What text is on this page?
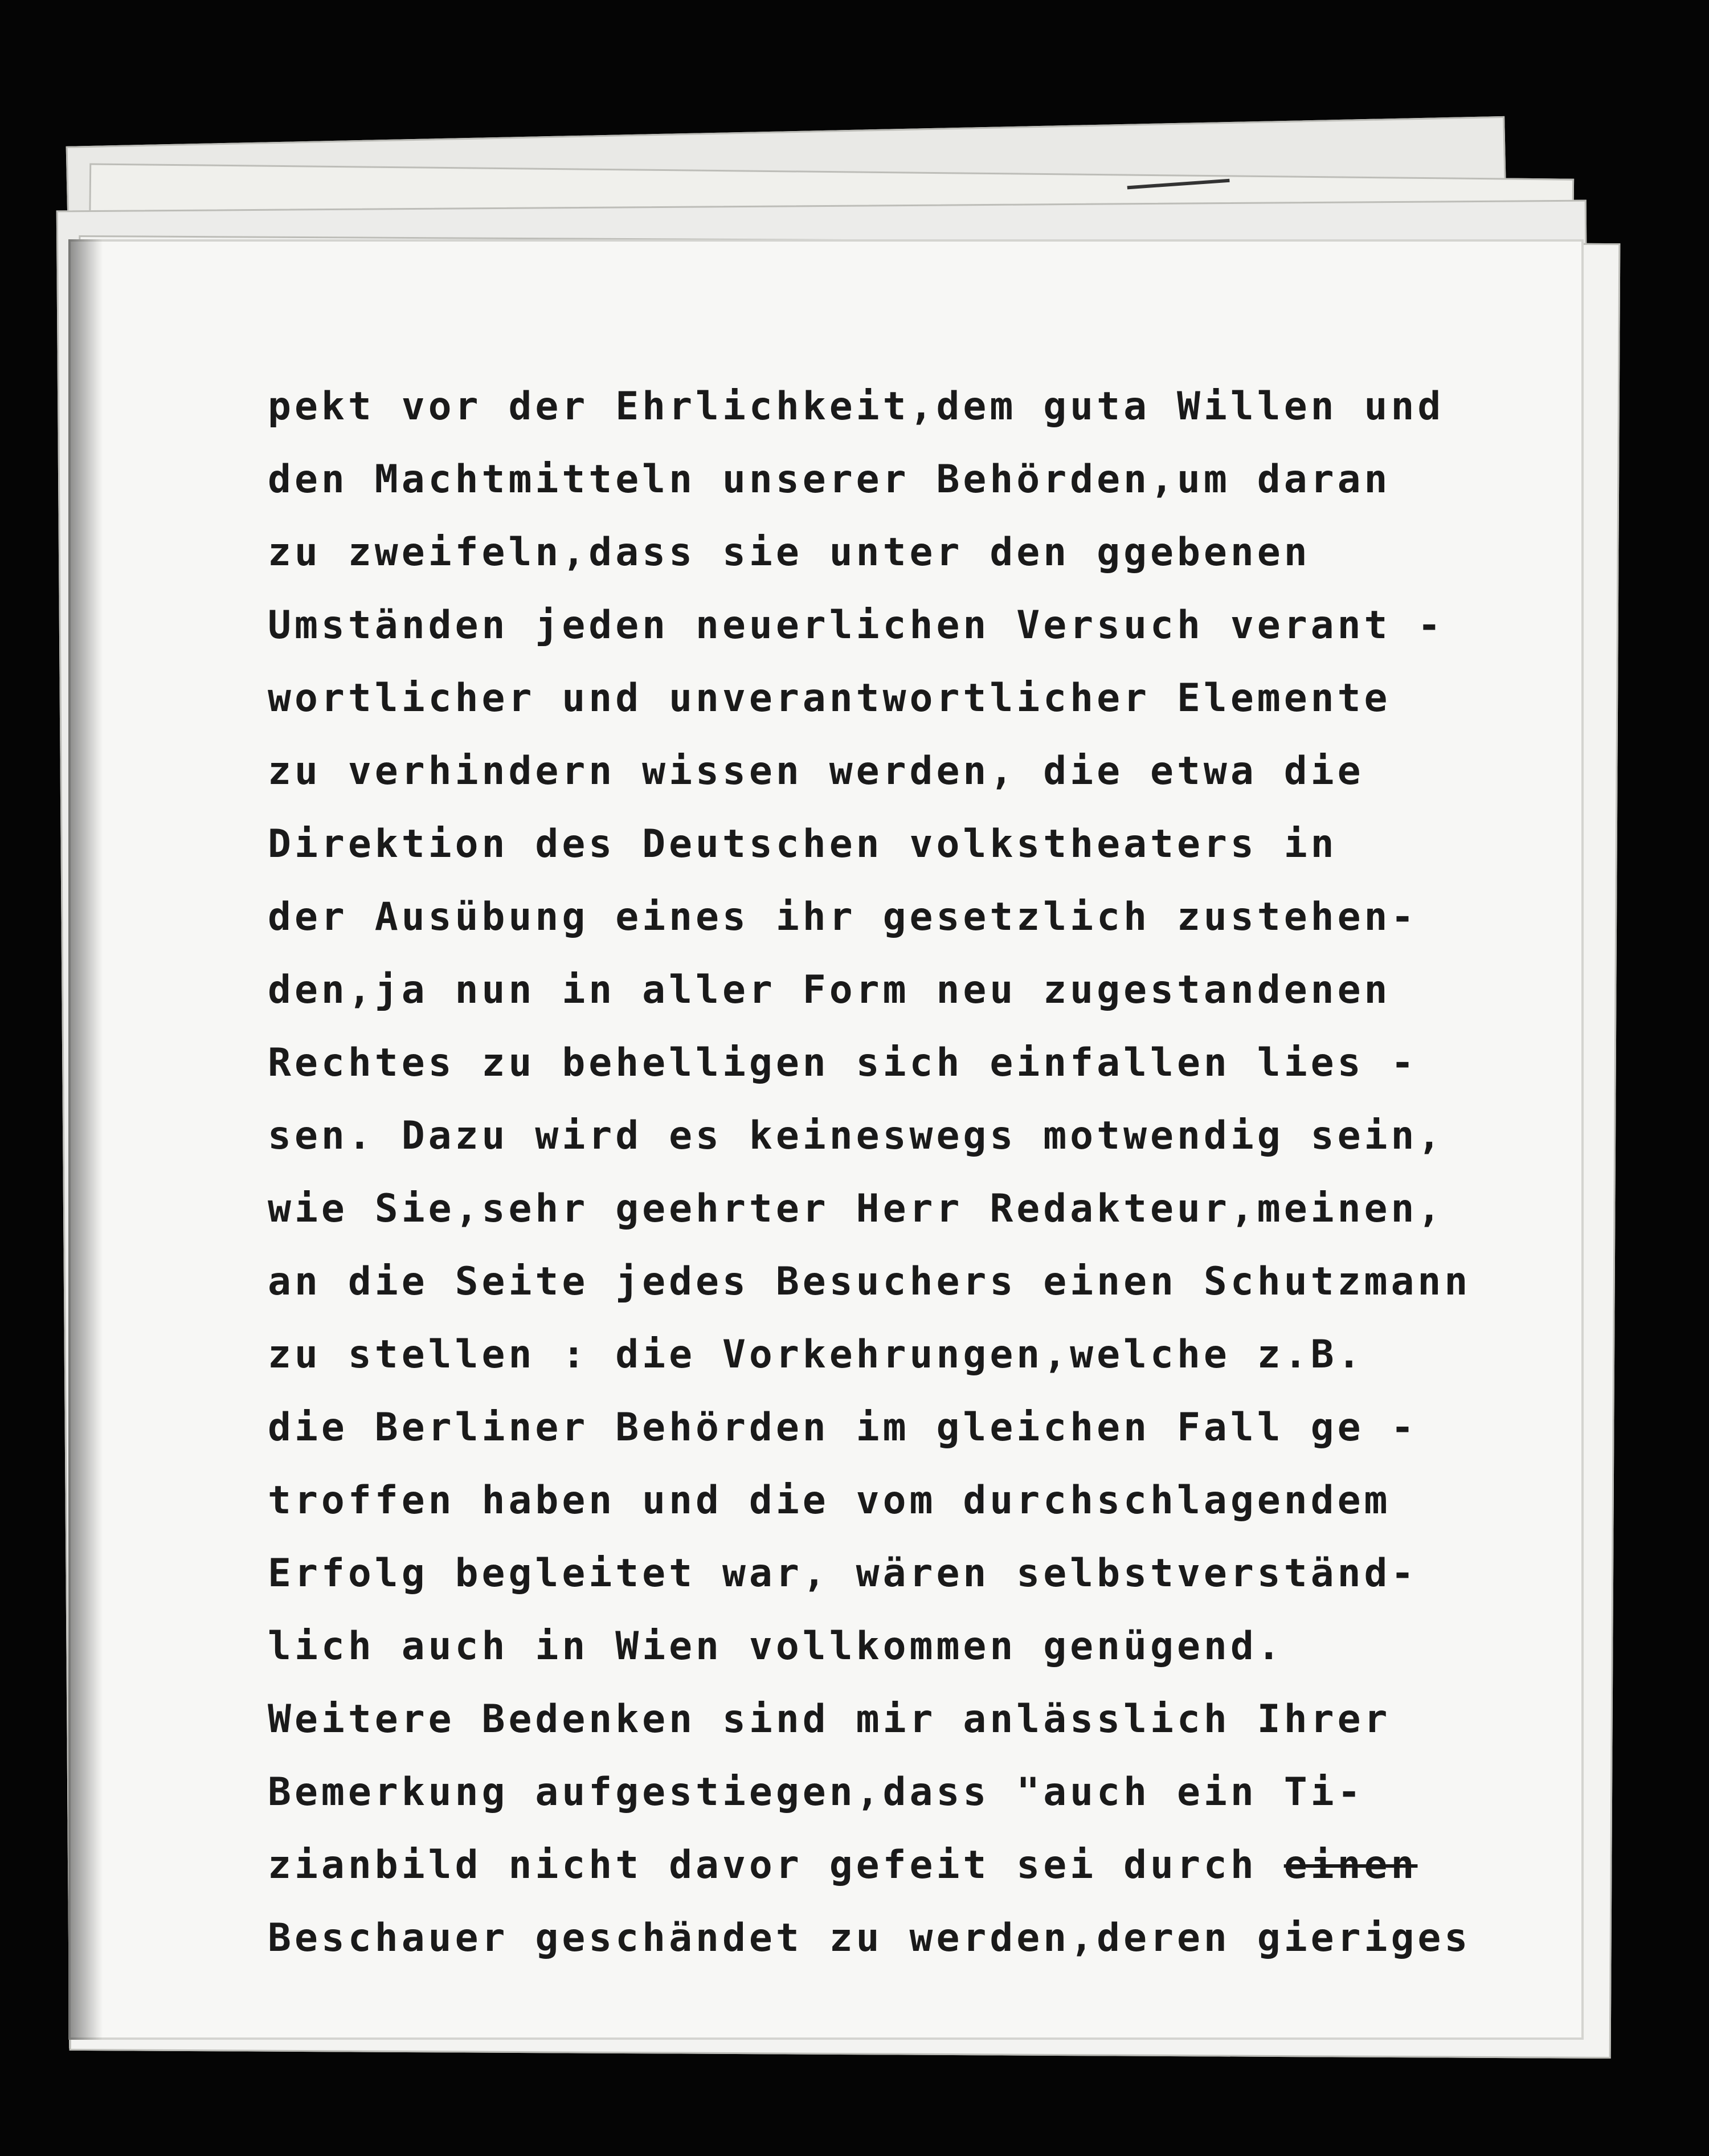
pekt vor der Ehrlichkeit,dem guta Willen und
den Machtmitteln unserer Behörden,um daran
zu zweifeln,dass sie unter den ggebenen
Umständen jeden neuerlichen Versuch verant -
wortlicher und unverantwortlicher Elemente
zu verhindern wissen werden, die etwa die
Direktion des Deutschen volkstheaters in
der Ausübung eines ihr gesetzlich zustehen-
den,ja nun in aller Form neu zugestandenen
Rechtes zu behelligen sich einfallen lies -
sen. Dazu wird es keineswegs motwendig sein,
wie Sie,sehr geehrter Herr Redakteur,meinen,
an die Seite jedes Besuchers einen Schutzmann
zu stellen : die Vorkehrungen,welche z.B.
die Berliner Behörden im gleichen Fall ge -
troffen haben und die vom durchschlagendem
Erfolg begleitet war, wären selbstverständ-
lich auch in Wien vollkommen genügend.
Weitere Bedenken sind mir anlässlich Ihrer
Bemerkung aufgestiegen,dass "auch ein Ti-
zianbild nicht davor gefeit sei durch einen
Beschauer geschändet zu werden,deren gieriges
